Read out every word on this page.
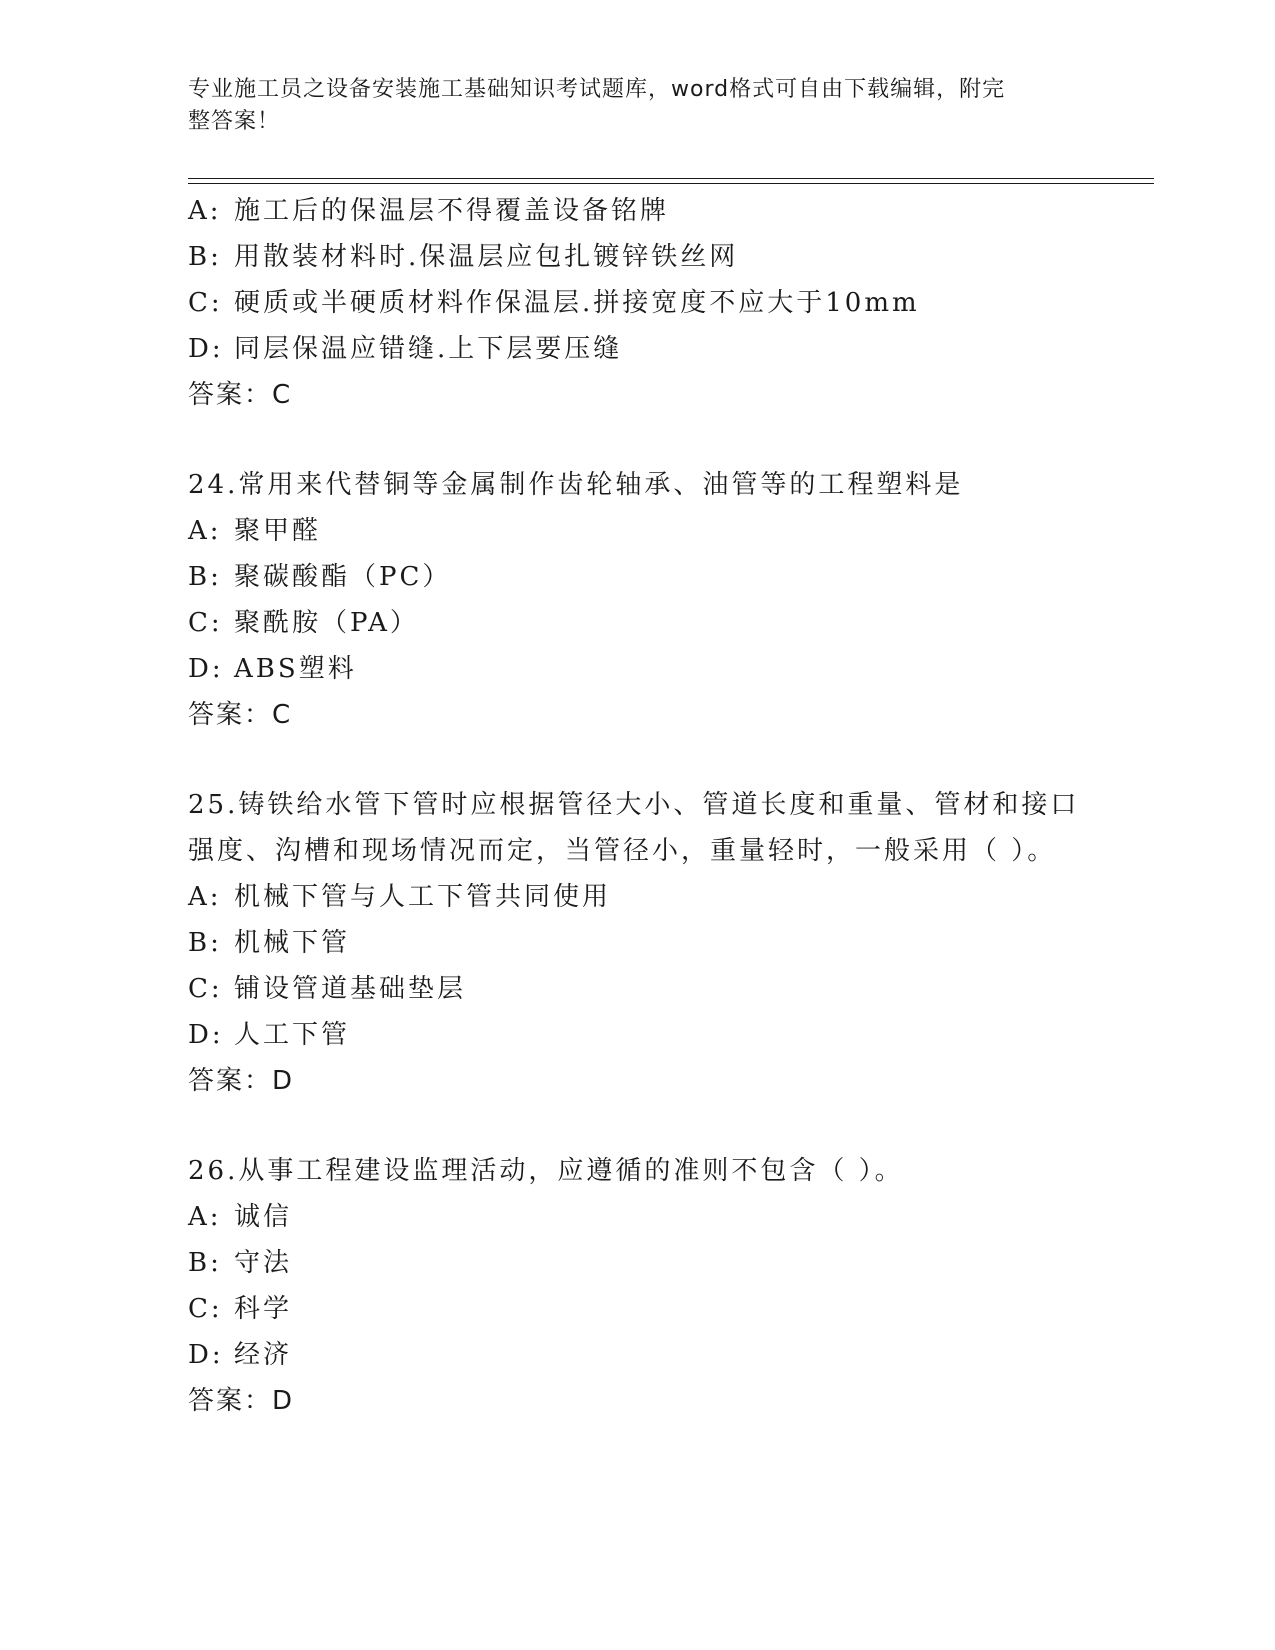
专业施工员之设备安装施工基础知识考试题库，word格式可自由下载编辑，附完
整答案！
A: 施工后的保温层不得覆盖设备铭牌
B: 用散装材料时.保温层应包扎镀锌铁丝网
C: 硬质或半硬质材料作保温层.拼接宽度不应大于10mm
D: 同层保温应错缝.上下层要压缝
答案：C
24.常用来代替铜等金属制作齿轮轴承、油管等的工程塑料是
A: 聚甲醛
B: 聚碳酸酯（PC）
C: 聚酰胺（PA）
D: ABS塑料
答案：C
25.铸铁给水管下管时应根据管径大小、管道长度和重量、管材和接口
强度、沟槽和现场情况而定，当管径小，重量轻时，一般采用（ ）。
A: 机械下管与人工下管共同使用
B: 机械下管
C: 铺设管道基础垫层
D: 人工下管
答案：D
26.从事工程建设监理活动，应遵循的准则不包含（ ）。
A: 诚信
B: 守法
C: 科学
D: 经济
答案：D
